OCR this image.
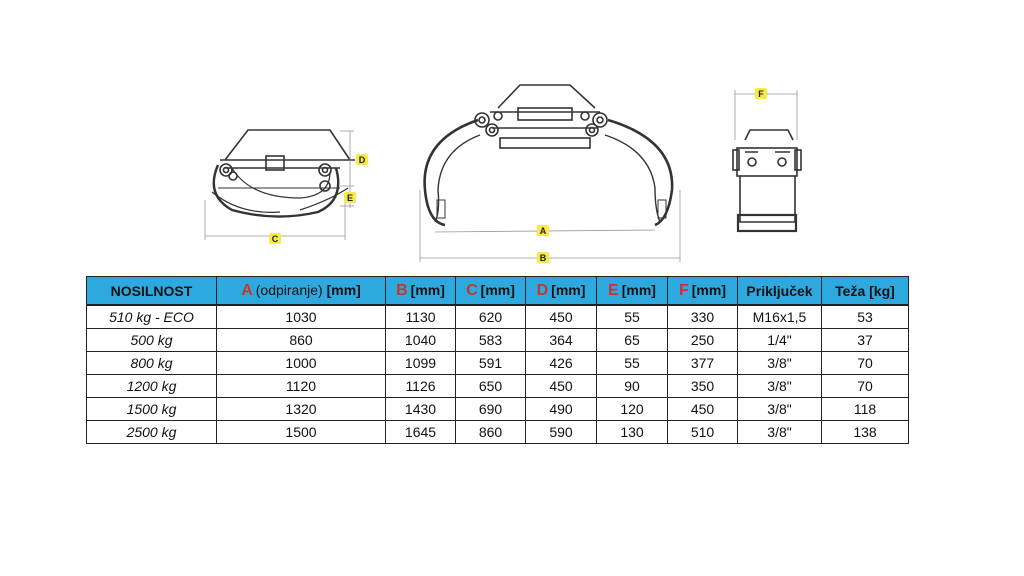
C
D
E
A
B
F
NOSILNOST	A (odpiranje) [mm]	B [mm]	C [mm]	D [mm]	E [mm]	F [mm]	Priključek	Teža [kg]
510 kg - ECO	1030	1130	620	450	55	330	M16x1,5	53
500 kg	860	1040	583	364	65	250	1/4"	37
800 kg	1000	1099	591	426	55	377	3/8"	70
1200 kg	1120	1126	650	450	90	350	3/8"	70
1500 kg	1320	1430	690	490	120	450	3/8"	118
2500 kg	1500	1645	860	590	130	510	3/8"	138
